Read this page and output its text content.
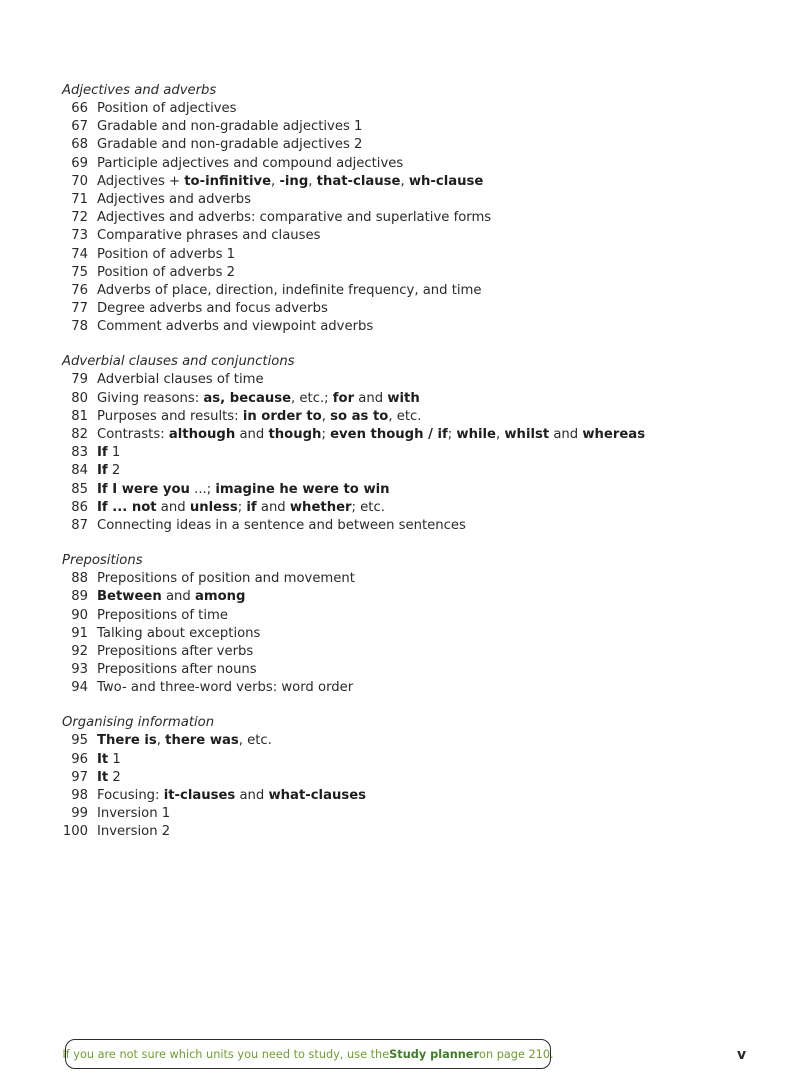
Adjectives and adverbs
66 Position of adjectives
67 Gradable and non-gradable adjectives 1
68 Gradable and non-gradable adjectives 2
69 Participle adjectives and compound adjectives
70 Adjectives + to-infinitive, -ing, that-clause, wh-clause
71 Adjectives and adverbs
72 Adjectives and adverbs: comparative and superlative forms
73 Comparative phrases and clauses
74 Position of adverbs 1
75 Position of adverbs 2
76 Adverbs of place, direction, indefinite frequency, and time
77 Degree adverbs and focus adverbs
78 Comment adverbs and viewpoint adverbs
Adverbial clauses and conjunctions
79 Adverbial clauses of time
80 Giving reasons: as, because, etc.; for and with
81 Purposes and results: in order to, so as to, etc.
82 Contrasts: although and though; even though / if; while, whilst and whereas
83 If 1
84 If 2
85 If I were you ...; imagine he were to win
86 If ... not and unless; if and whether; etc.
87 Connecting ideas in a sentence and between sentences
Prepositions
88 Prepositions of position and movement
89 Between and among
90 Prepositions of time
91 Talking about exceptions
92 Prepositions after verbs
93 Prepositions after nouns
94 Two- and three-word verbs: word order
Organising information
95 There is, there was, etc.
96 It 1
97 It 2
98 Focusing: it-clauses and what-clauses
99 Inversion 1
100 Inversion 2
If you are not sure which units you need to study, use the Study planner on page 210.	v
